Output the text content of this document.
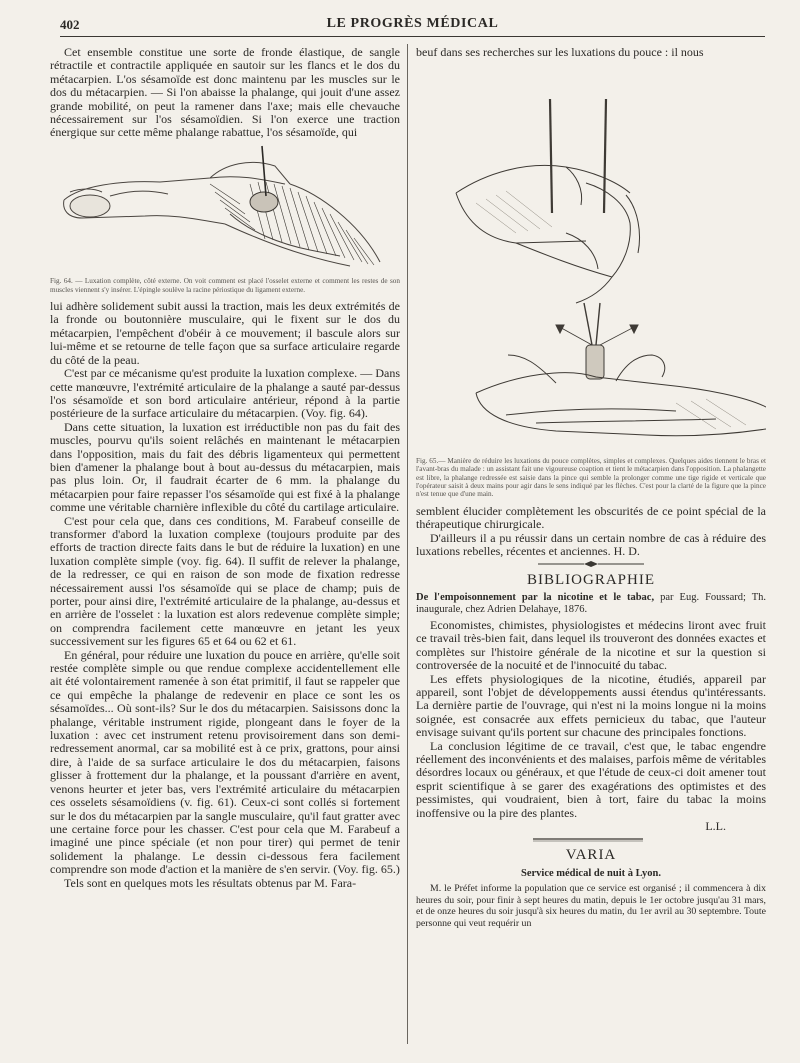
402	LE PROGRÈS MÉDICAL

Cet ensemble constitue une sorte de fronde élastique, de sangle rétractile et contractile appliquée en sautoir sur les flancs et le dos du métacarpien. L'os sésamoïde est donc maintenu par les muscles sur le dos du métacarpien. — Si l'on abaisse la phalange, qui jouit d'une assez grande mobilité, on peut la ramener dans l'axe; mais elle chevauche nécessairement sur l'os sésamoïdien. Si l'on exerce une traction énergique sur cette même phalange rabattue, l'os sésamoïde, qui

Fig. 64. — Luxation complète, côté externe. On voit comment est placé l'osselet externe et comment les restes de son muscles viennent s'y insérer. L'épingle soulève la racine périostique du ligament externe.

lui adhère solidement subit aussi la traction, mais les deux extrémités de la fronde ou boutonnière musculaire, qui le fixent sur le dos du métacarpien, l'empêchent d'obéir à ce mouvement; il bascule alors sur lui-même et se retourne de telle façon que sa surface articulaire regarde du côté de la peau.

C'est par ce mécanisme qu'est produite la luxation complexe. — Dans cette manœuvre, l'extrémité articulaire de la phalange a sauté par-dessus l'os sésamoïde et son bord articulaire antérieur, répond à la partie postérieure de la surface articulaire du métacarpien. (Voy. fig. 64).

Dans cette situation, la luxation est irréductible non pas du fait des muscles, pourvu qu'ils soient relâchés en maintenant le métacarpien dans l'opposition, mais du fait des débris ligamenteux qui permettent bien d'amener la phalange bout à bout au-dessus du métacarpien, mais pas plus loin. Or, il faudrait écarter de 6 mm. la phalange du métacarpien pour faire repasser l'os sésamoïde qui est fixé à la phalange comme une véritable charnière inflexible du côté du cartilage articulaire.

C'est pour cela que, dans ces conditions, M. Farabeuf conseille de transformer d'abord la luxation complexe (toujours produite par des efforts de traction directe faits dans le but de réduire la luxation) en une luxation complète simple (voy. fig. 64). Il suffit de relever la phalange, de la redresser, ce qui en raison de son mode de fixation redresse nécessairement aussi l'os sésamoïde qui se place de champ; puis de porter, pour ainsi dire, l'extrémité articulaire de la phalange, au-dessus et en arrière de l'osselet : la luxation est alors redevenue complète simple; on comprendra facilement cette manœuvre en jetant les yeux successivement sur les figures 65 et 64 ou 62 et 61.

En général, pour réduire une luxation du pouce en arrière, qu'elle soit restée complète simple ou que rendue complexe accidentellement elle ait été volontairement ramenée à son état primitif, il faut se rappeler que ce qui empêche la phalange de redevenir en place ce sont les os sésamoïdes... Où sont-ils? Sur le dos du métacarpien. Saisissons donc la phalange, véritable instrument rigide, plongeant dans le foyer de la luxation : avec cet instrument retenu provisoirement dans son demi-redressement anormal, car sa mobilité est à ce prix, grattons, pour ainsi dire, à l'aide de sa surface articulaire le dos du métacarpien, faisons glisser à frottement dur la phalange, et la poussant d'arrière en avent, venons heurter et jeter bas, vers l'extrémité articulaire du métacarpien ces osselets sésamoïdiens (v. fig. 61). Ceux-ci sont collés si fortement sur le dos du métacarpien par la sangle musculaire, qu'il faut gratter avec une certaine force pour les chasser. C'est pour cela que M. Farabeuf a imaginé une pince spéciale (et non pour tirer) qui permet de tenir solidement la phalange. Le dessin ci-dessous fera facilement comprendre son mode d'action et la manière de s'en servir. (Voy. fig. 65.)

Tels sont en quelques mots les résultats obtenus par M. Fara-

beuf dans ses recherches sur les luxations du pouce : il nous

Fig. 65.— Manière de réduire les luxations du pouce complètes, simples et complexes. Quelques aides tiennent le bras et l'avant-bras du malade : un assistant fait une vigoureuse coaption et tient le métacarpien dans l'opposition. La phalangette est libre, la phalange redressée est saisie dans la pince qui semble la prolonger comme une tige rigide et verticale que l'opérateur saisit à deux mains pour agir dans le sens indiqué par les flèches. C'est pour la clarté de la figure que la pince n'est tenue que d'une main.

semblent élucider complètement les obscurités de ce point spécial de la thérapeutique chirurgicale.

D'ailleurs il a pu réussir dans un certain nombre de cas à réduire des luxations rebelles, récentes et anciennes. H. D.

BIBLIOGRAPHIE

De l'empoisonnement par la nicotine et le tabac, par Eug. Foussard; Th. inaugurale, chez Adrien Delahaye, 1876.

Economistes, chimistes, physiologistes et médecins liront avec fruit ce travail très-bien fait, dans lequel ils trouveront des données exactes et complètes sur l'histoire générale de la nicotine et sur la question si controversée de la nocuité et de l'innocuité du tabac.

Les effets physiologiques de la nicotine, étudiés, appareil par appareil, sont l'objet de développements aussi étendus qu'intéressants. La dernière partie de l'ouvrage, qui n'est ni la moins longue ni la moins soignée, est consacrée aux effets pernicieux du tabac, que l'auteur envisage suivant qu'ils portent sur chacune des principales fonctions.

La conclusion légitime de ce travail, c'est que, le tabac engendre réellement des inconvénients et des malaises, parfois même de véritables désordres locaux ou généraux, et que l'étude de ceux-ci doit amener tout esprit scientifique à se garer des exagérations des optimistes et des pessimistes, qui voudraient, bien à tort, faire du tabac la moins inoffensive ou la pire des plantes.

L.L.

VARIA
Service médical de nuit à Lyon.

M. le Préfet informe la population que ce service est organisé ; il commencera à dix heures du soir, pour finir à sept heures du matin, depuis le 1er octobre jusqu'au 31 mars, et de onze heures du soir jusqu'à six heures du matin, du 1er avril au 30 septembre. Toute personne qui veut requérir un
